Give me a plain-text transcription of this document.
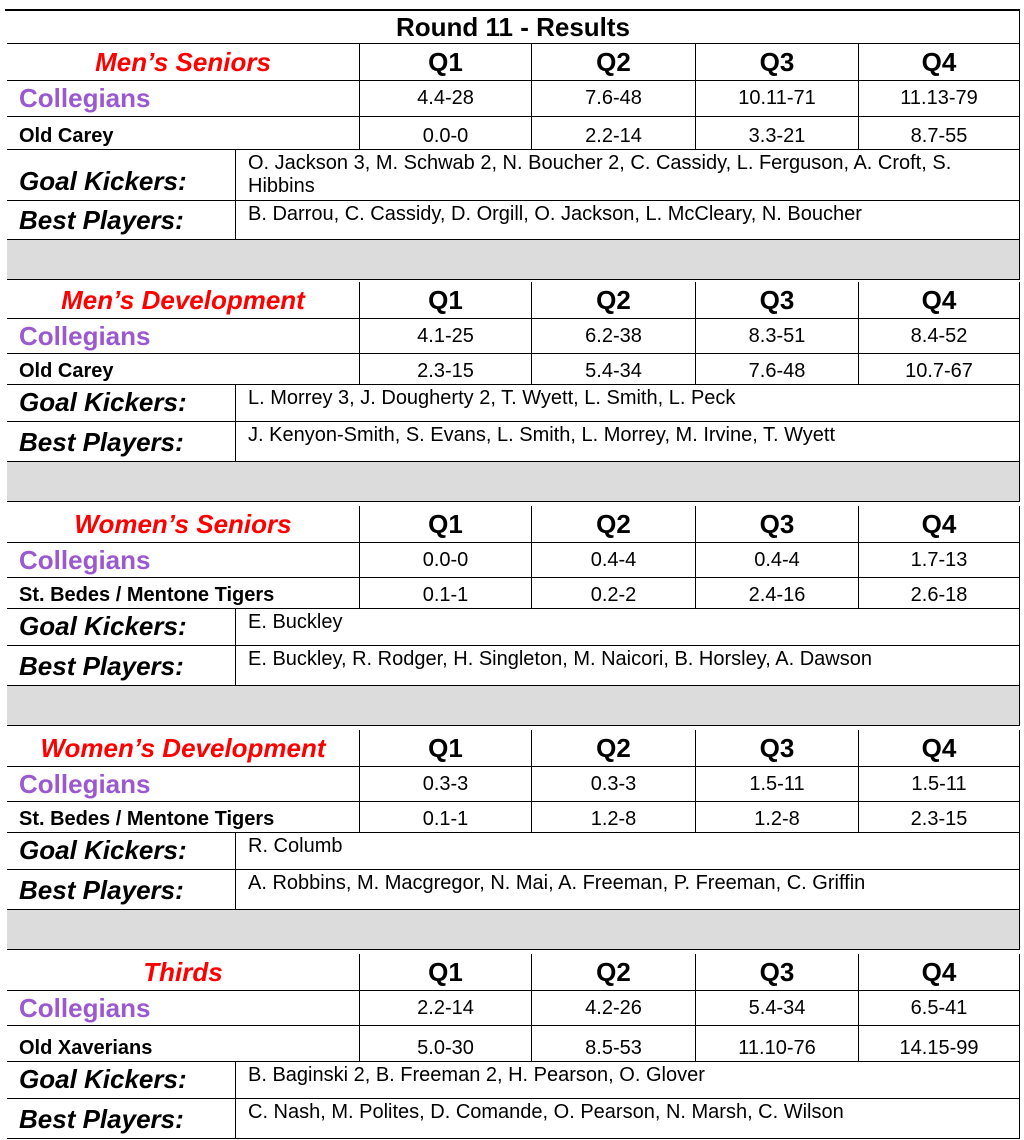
Round 11 - Results
Men’s Seniors	Q1	Q2	Q3	Q4
Collegians	4.4-28	7.6-48	10.11-71	11.13-79
Old Carey	0.0-0	2.2-14	3.3-21	8.7-55
Goal Kickers:
O. Jackson 3, M. Schwab 2, N. Boucher 2, C. Cassidy, L. Ferguson, A. Croft, S. Hibbins
Best Players:	B. Darrou, C. Cassidy, D. Orgill, O. Jackson, L. McCleary, N. Boucher
Men’s Development	Q1	Q2	Q3	Q4
Collegians	4.1-25	6.2-38	8.3-51	8.4-52
Old Carey	2.3-15	5.4-34	7.6-48	10.7-67
Goal Kickers:	L. Morrey 3, J. Dougherty 2, T. Wyett, L. Smith, L. Peck
Best Players:	J. Kenyon-Smith, S. Evans, L. Smith, L. Morrey, M. Irvine, T. Wyett
Women’s Seniors	Q1	Q2	Q3	Q4
Collegians	0.0-0	0.4-4	0.4-4	1.7-13
St. Bedes / Mentone Tigers	0.1-1	0.2-2	2.4-16	2.6-18
Goal Kickers:	E. Buckley
Best Players:	E. Buckley, R. Rodger, H. Singleton, M. Naicori, B. Horsley, A. Dawson
Women’s Development	Q1	Q2	Q3	Q4
Collegians	0.3-3	0.3-3	1.5-11	1.5-11
St. Bedes / Mentone Tigers	0.1-1	1.2-8	1.2-8	2.3-15
Goal Kickers:	R. Columb
Best Players:	A. Robbins, M. Macgregor, N. Mai, A. Freeman, P. Freeman, C. Griffin
Thirds	Q1	Q2	Q3	Q4
Collegians	2.2-14	4.2-26	5.4-34	6.5-41
Old Xaverians	5.0-30	8.5-53	11.10-76	14.15-99
Goal Kickers:	B. Baginski 2, B. Freeman 2, H. Pearson, O. Glover
Best Players:	C. Nash, M. Polites, D. Comande, O. Pearson, N. Marsh, C. Wilson
